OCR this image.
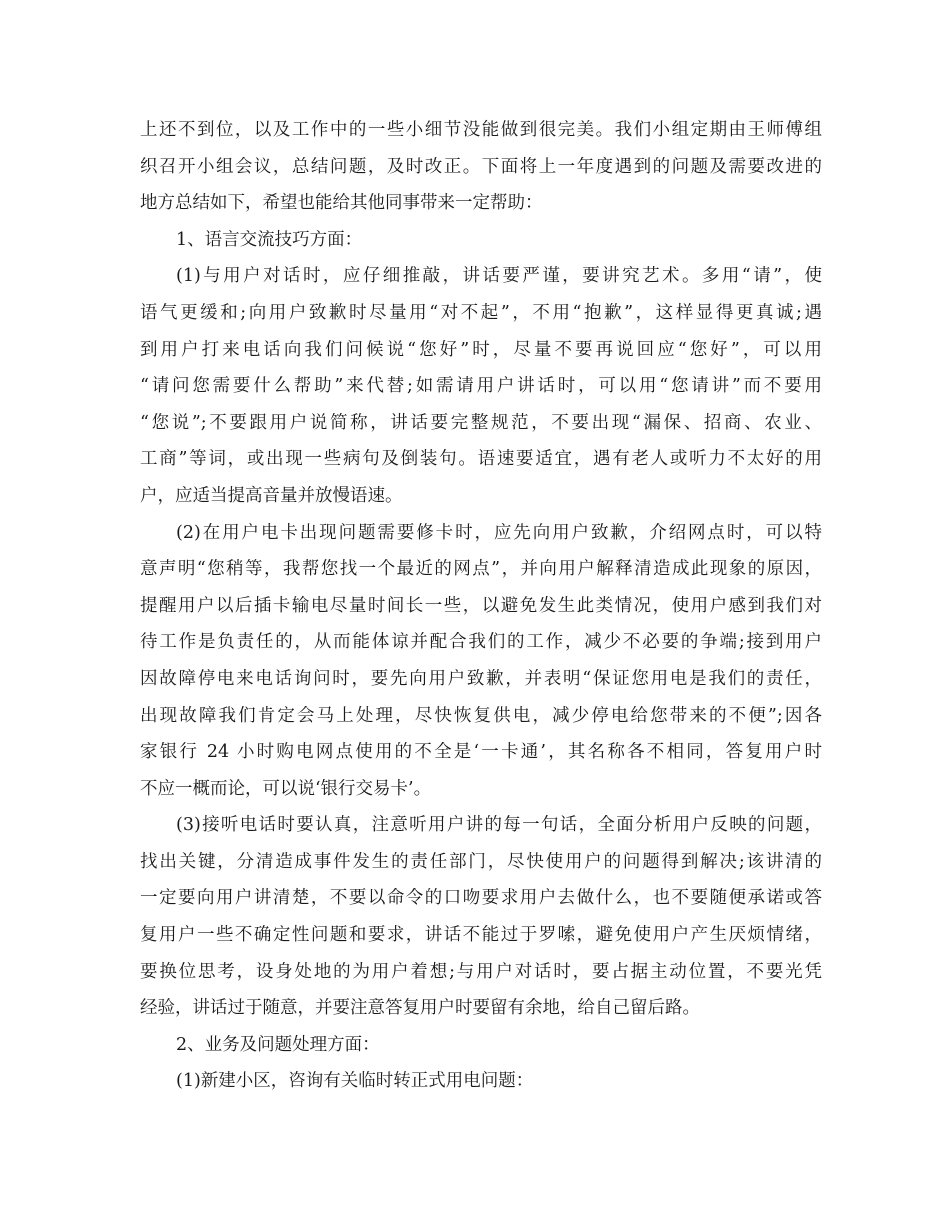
上还不到位，以及工作中的一些小细节没能做到很完美。我们小组定期由王师傅组
织召开小组会议，总结问题，及时改正。下面将上一年度遇到的问题及需要改进的
地方总结如下，希望也能给其他同事带来一定帮助：
1、语言交流技巧方面：
(1)与用户对话时，应仔细推敲，讲话要严谨，要讲究艺术。多用“请”，使
语气更缓和;向用户致歉时尽量用“对不起”，不用“抱歉”，这样显得更真诚;遇
到用户打来电话向我们问候说“您好”时，尽量不要再说回应“您好”，可以用
“请问您需要什么帮助”来代替;如需请用户讲话时，可以用“您请讲”而不要用
“您说”;不要跟用户说简称，讲话要完整规范，不要出现“漏保、招商、农业、
工商”等词，或出现一些病句及倒装句。语速要适宜，遇有老人或听力不太好的用
户，应适当提高音量并放慢语速。
(2)在用户电卡出现问题需要修卡时，应先向用户致歉，介绍网点时，可以特
意声明“您稍等，我帮您找一个最近的网点”，并向用户解释清造成此现象的原因，
提醒用户以后插卡输电尽量时间长一些，以避免发生此类情况，使用户感到我们对
待工作是负责任的，从而能体谅并配合我们的工作，减少不必要的争端;接到用户
因故障停电来电话询问时，要先向用户致歉，并表明“保证您用电是我们的责任，
出现故障我们肯定会马上处理，尽快恢复供电，减少停电给您带来的不便”;因各
家银行 24 小时购电网点使用的不全是‘一卡通’，其名称各不相同，答复用户时
不应一概而论，可以说‘银行交易卡’。
(3)接听电话时要认真，注意听用户讲的每一句话，全面分析用户反映的问题，
找出关键，分清造成事件发生的责任部门，尽快使用户的问题得到解决;该讲清的
一定要向用户讲清楚，不要以命令的口吻要求用户去做什么，也不要随便承诺或答
复用户一些不确定性问题和要求，讲话不能过于罗嗦，避免使用户产生厌烦情绪，
要换位思考，设身处地的为用户着想;与用户对话时，要占据主动位置，不要光凭
经验，讲话过于随意，并要注意答复用户时要留有余地，给自己留后路。
2、业务及问题处理方面：
(1)新建小区，咨询有关临时转正式用电问题：
